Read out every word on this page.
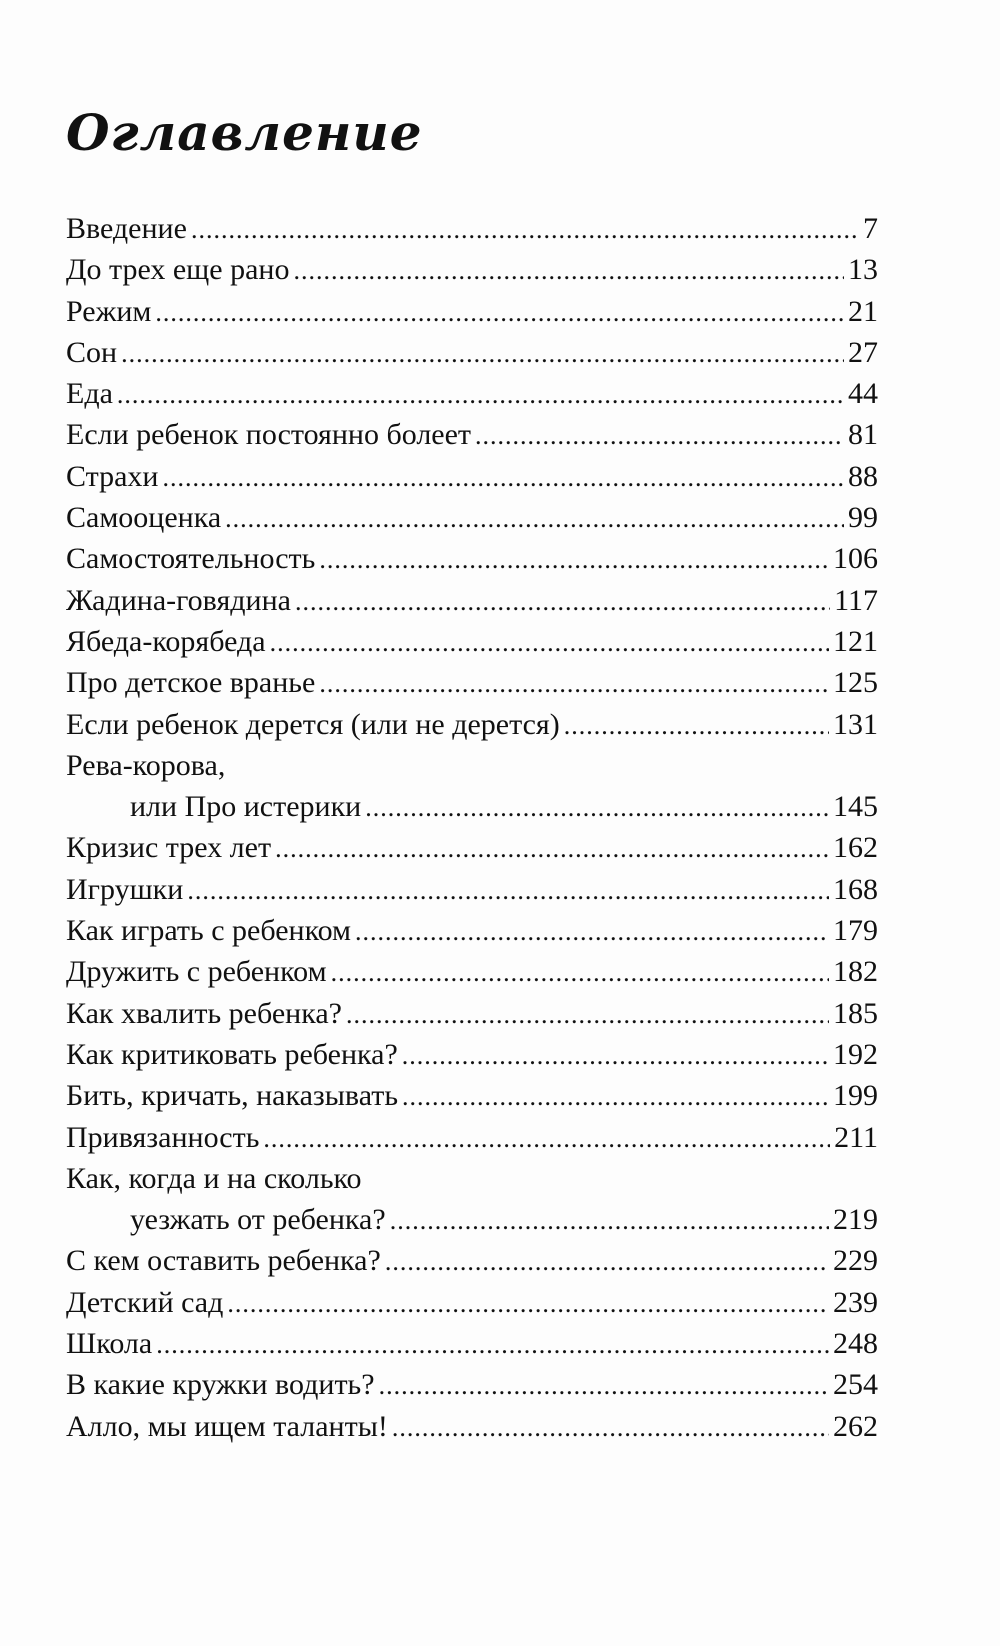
Оглавление
Введение .....	7
До трех еще рано .....	13
Режим .....	21
Сон .....	27
Еда .....	44
Если ребенок постоянно болеет .....	81
Страхи .....	88
Самооценка .....	99
Самостоятельность .....	106
Жадина-говядина .....	117
Ябеда-корябеда .....	121
Про детское вранье .....	125
Если ребенок дерется (или не дерется) .....	131
Рева-корова,
или Про истерики .....	145
Кризис трех лет .....	162
Игрушки .....	168
Как играть с ребенком .....	179
Дружить с ребенком .....	182
Как хвалить ребенка? .....	185
Как критиковать ребенка? .....	192
Бить, кричать, наказывать .....	199
Привязанность .....	211
Как, когда и на сколько
уезжать от ребенка? .....	219
С кем оставить ребенка? .....	229
Детский сад .....	239
Школа .....	248
В какие кружки водить? .....	254
Алло, мы ищем таланты! .....	262
